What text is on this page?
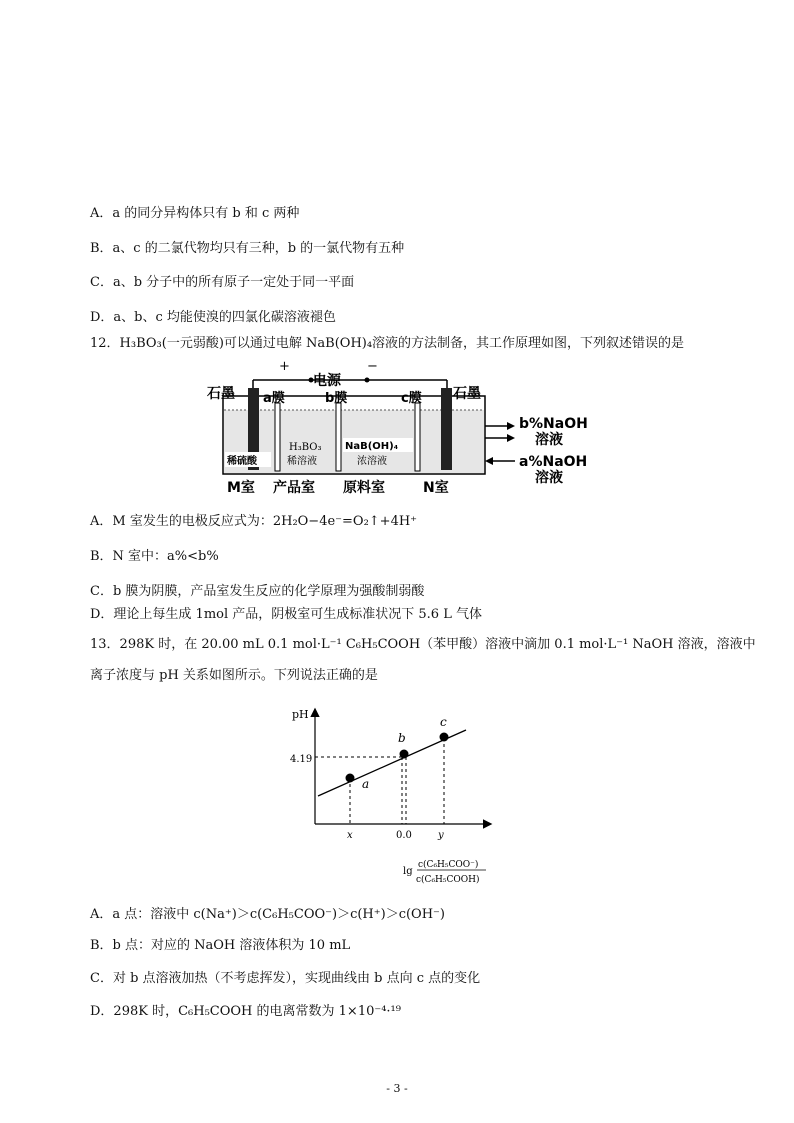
A．a 的同分异构体只有 b 和 c 两种
B．a、c 的二氯代物均只有三种，b 的一氯代物有五种
C．a、b 分子中的所有原子一定处于同一平面
D．a、b、c 均能使溴的四氯化碳溶液褪色
12．H₃BO₃(一元弱酸)可以通过电解 NaB(OH)₄溶液的方法制备，其工作原理如图，下列叙述错误的是
+	−
电源
石墨	石墨
a膜	b膜	c膜
稀硫酸
H₃BO₃
稀溶液
NaB(OH)₄
浓溶液
b%NaOH
溶液
a%NaOH
溶液
M室 产品室 原料室	N室
A．M 室发生的电极反应式为：2H₂O−4e⁻=O₂↑+4H⁺
B．N 室中：a%<b%
C．b 膜为阴膜，产品室发生反应的化学原理为强酸制弱酸
D．理论上每生成 1mol 产品，阴极室可生成标准状况下 5.6 L 气体
13．298K 时，在 20.00 mL 0.1 mol·L⁻¹ C₆H₅COOH（苯甲酸）溶液中滴加 0.1 mol·L⁻¹ NaOH 溶液，溶液中
离子浓度与 pH 关系如图所示。下列说法正确的是
pH
4.19
a
b
c
x	0.0	y
lg
c(C₆H₅COO⁻)
c(C₆H₅COOH)
A．a 点：溶液中 c(Na⁺)＞c(C₆H₅COO⁻)＞c(H⁺)＞c(OH⁻)
B．b 点：对应的 NaOH 溶液体积为 10 mL
C．对 b 点溶液加热（不考虑挥发），实现曲线由 b 点向 c 点的变化
D．298K 时，C₆H₅COOH 的电离常数为 1×10⁻⁴·¹⁹
- 3 -
